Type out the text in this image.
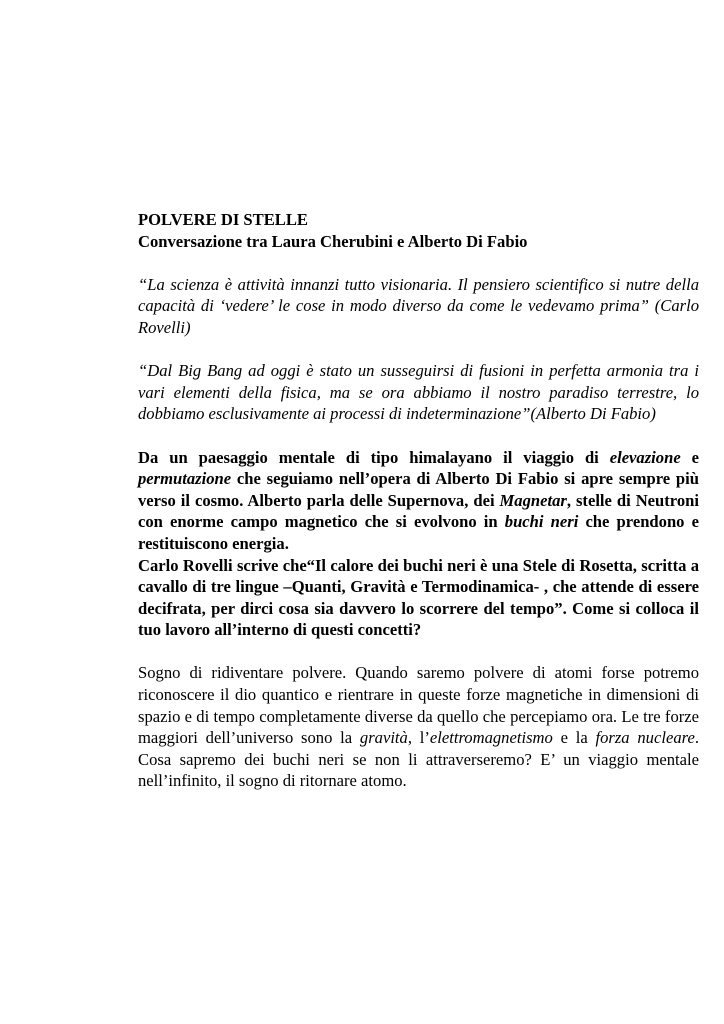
POLVERE DI STELLE

Conversazione tra Laura Cherubini e Alberto Di Fabio

“La scienza è attività innanzi tutto visionaria. Il pensiero scientifico si nutre della capacità di ‘vedere’ le cose in modo diverso da come le vedevamo prima” (Carlo Rovelli)

“Dal Big Bang ad oggi è stato un susseguirsi di fusioni in perfetta armonia tra i vari elementi della fisica, ma se ora abbiamo il nostro paradiso terrestre, lo dobbiamo esclusivamente ai processi di indeterminazione”(Alberto Di Fabio)

Da un paesaggio mentale di tipo himalayano il viaggio di elevazione e permutazione che seguiamo nell’opera di Alberto Di Fabio si apre sempre più verso il cosmo. Alberto parla delle Supernova, dei Magnetar, stelle di Neutroni con enorme campo magnetico che si evolvono in buchi neri che prendono e restituiscono energia.

Carlo Rovelli scrive che“Il calore dei buchi neri è una Stele di Rosetta, scritta a cavallo di tre lingue –Quanti, Gravità e Termodinamica- , che attende di essere decifrata, per dirci cosa sia davvero lo scorrere del tempo”. Come si colloca il tuo lavoro all’interno di questi concetti?

Sogno di ridiventare polvere. Quando saremo polvere di atomi forse potremo riconoscere il dio quantico e rientrare in queste forze magnetiche in dimensioni di spazio e di tempo completamente diverse da quello che percepiamo ora. Le tre forze maggiori dell’universo sono la gravità, l’elettromagnetismo e la forza nucleare. Cosa sapremo dei buchi neri se non li attraverseremo? E’ un viaggio mentale nell’infinito, il sogno di ritornare atomo.
